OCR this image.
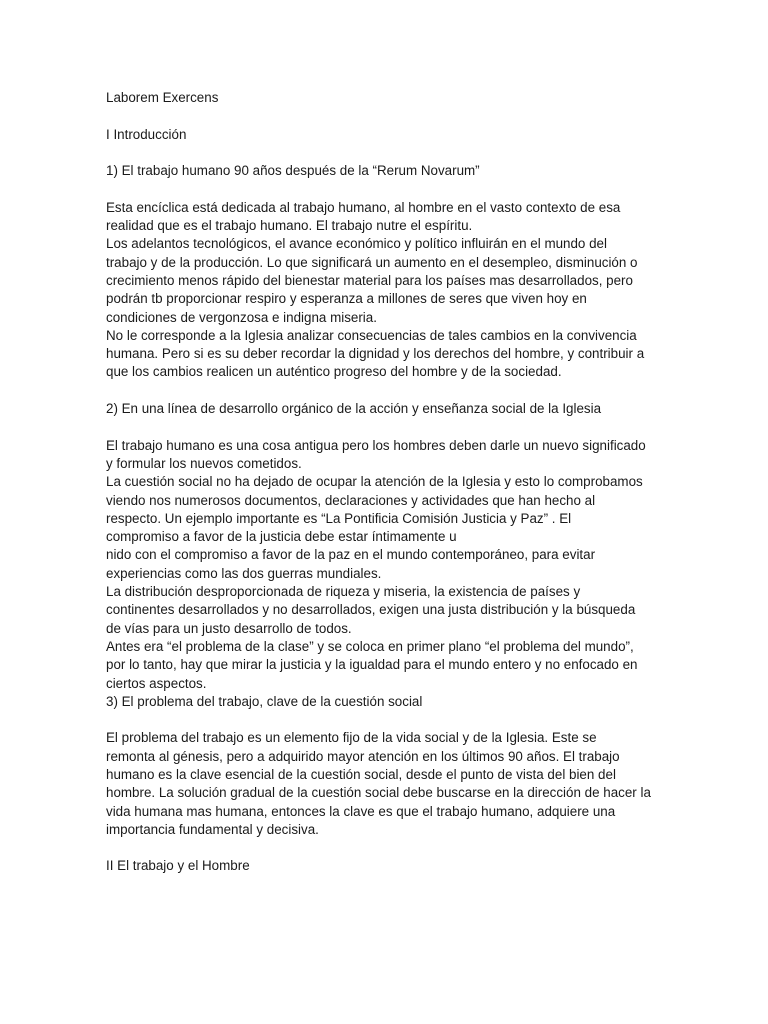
Laborem Exercens
I Introducción
1) El trabajo humano 90 años después de la “Rerum Novarum”
Esta encíclica está dedicada al trabajo humano, al hombre en el vasto contexto de esa
realidad que es el trabajo humano. El trabajo nutre el espíritu.
Los adelantos tecnológicos, el avance económico y político influirán en el mundo del
trabajo y de la producción. Lo que significará un aumento en el desempleo, disminución o
crecimiento menos rápido del bienestar material para los países mas desarrollados, pero
podrán tb proporcionar respiro y esperanza a millones de seres que viven hoy en
condiciones de vergonzosa e indigna miseria.
No le corresponde a la Iglesia analizar consecuencias de tales cambios en la convivencia
humana. Pero si es su deber recordar la dignidad y los derechos del hombre, y contribuir a
que los cambios realicen un auténtico progreso del hombre y de la sociedad.
2) En una línea de desarrollo orgánico de la acción y enseñanza social de la Iglesia
El trabajo humano es una cosa antigua pero los hombres deben darle un nuevo significado
y formular los nuevos cometidos.
La cuestión social no ha dejado de ocupar la atención de la Iglesia y esto lo comprobamos
viendo nos numerosos documentos, declaraciones y actividades que han hecho al
respecto. Un ejemplo importante es “La Pontificia Comisión Justicia y Paz” . El
compromiso a favor de la justicia debe estar íntimamente u
nido con el compromiso a favor de la paz en el mundo contemporáneo, para evitar
experiencias como las dos guerras mundiales.
La distribución desproporcionada de riqueza y miseria, la existencia de países y
continentes desarrollados y no desarrollados, exigen una justa distribución y la búsqueda
de vías para un justo desarrollo de todos.
Antes era “el problema de la clase” y se coloca en primer plano “el problema del mundo”,
por lo tanto, hay que mirar la justicia y la igualdad para el mundo entero y no enfocado en
ciertos aspectos.
3) El problema del trabajo, clave de la cuestión social
El problema del trabajo es un elemento fijo de la vida social y de la Iglesia. Este se
remonta al génesis, pero a adquirido mayor atención en los últimos 90 años. El trabajo
humano es la clave esencial de la cuestión social, desde el punto de vista del bien del
hombre. La solución gradual de la cuestión social debe buscarse en la dirección de hacer la
vida humana mas humana, entonces la clave es que el trabajo humano, adquiere una
importancia fundamental y decisiva.
II El trabajo y el Hombre
